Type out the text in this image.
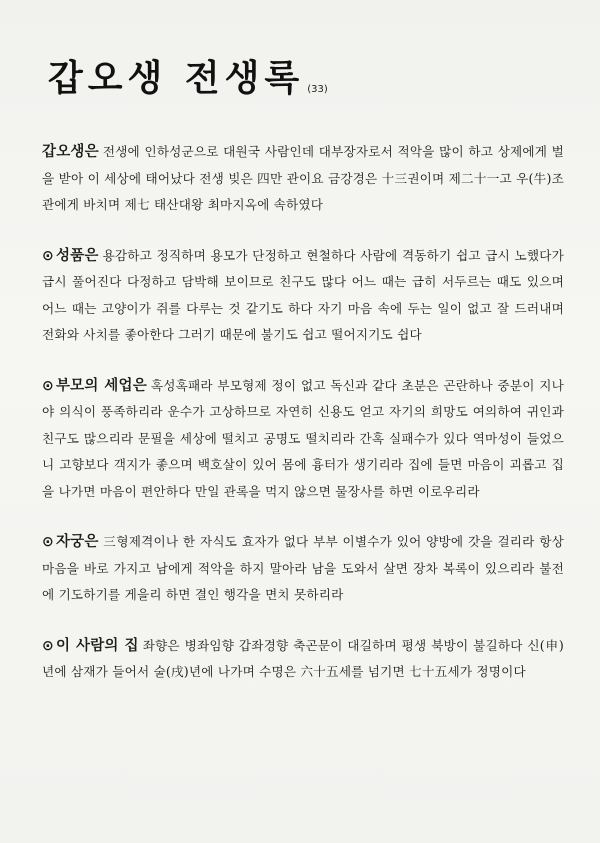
갑오생 전생록 (33)

갑오생은 전생에 인하성군으로 대원국 사람인데 대부장자로서 적악을 많이 하고 상제에게 벌을 받아 이 세상에 태어났다 전생 빚은 四만 관이요 금강경은 十三권이며 제二十一고 우(牛)조관에게 바치며 제七 태산대왕 최마지옥에 속하였다

⊙ 성품은 용감하고 정직하며 용모가 단정하고 현철하다 사람에 격동하기 쉽고 급시 노했다가 급시 풀어진다 다정하고 담박해 보이므로 친구도 많다 어느 때는 급히 서두르는 때도 있으며 어느 때는 고양이가 쥐를 다루는 것 같기도 하다 자기 마음 속에 두는 일이 없고 잘 드러내며 전화와 사치를 좋아한다 그러기 때문에 불기도 쉽고 떨어지기도 쉽다

⊙ 부모의 세업은 혹성혹패라 부모형제 정이 없고 독신과 같다 초분은 곤란하나 중분이 지나야 의식이 풍족하리라 운수가 고상하므로 자연히 신용도 얻고 자기의 희망도 여의하여 귀인과 친구도 많으리라 문필을 세상에 떨치고 공명도 떨치리라 간혹 실패수가 있다 역마성이 들었으니 고향보다 객지가 좋으며 백호살이 있어 몸에 흉터가 생기리라 집에 들면 마음이 괴롭고 집을 나가면 마음이 편안하다 만일 관록을 먹지 않으면 물장사를 하면 이로우리라

⊙ 자궁은 三형제격이나 한 자식도 효자가 없다 부부 이별수가 있어 양방에 갓을 걸리라 항상 마음을 바로 가지고 남에게 적악을 하지 말아라 남을 도와서 살면 장차 복록이 있으리라 불전에 기도하기를 게을리 하면 결인 행각을 면치 못하리라

⊙ 이 사람의 집 좌향은 병좌임향 갑좌경향 축곤문이 대길하며 평생 북방이 불길하다 신(申)년에 삼재가 들어서 술(戌)년에 나가며 수명은 六十五세를 넘기면 七十五세가 정명이다
